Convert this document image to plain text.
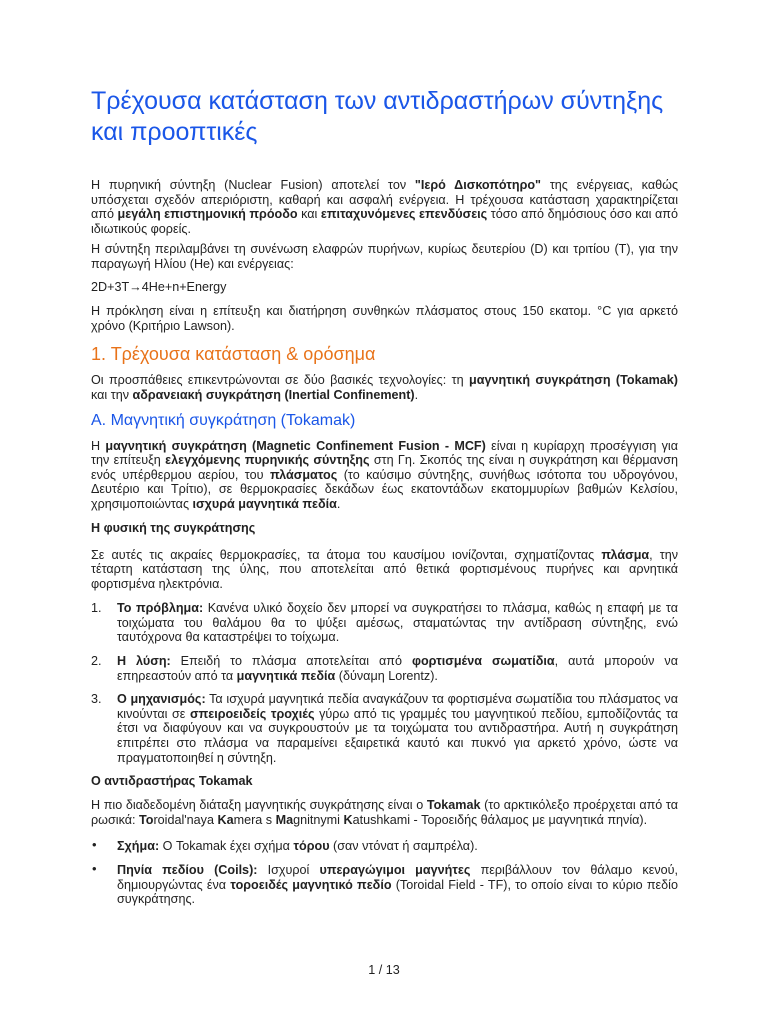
Τρέχουσα κατάσταση των αντιδραστήρων σύντηξης και προοπτικές

Η πυρηνική σύντηξη (Nuclear Fusion) αποτελεί τον "Ιερό Δισκοπότηρο" της ενέργειας, καθώς υπόσχεται σχεδόν απεριόριστη, καθαρή και ασφαλή ενέργεια. Η τρέχουσα κατάσταση χαρακτηρίζεται από μεγάλη επιστημονική πρόοδο και επιταχυνόμενες επενδύσεις τόσο από δημόσιους όσο και από ιδιωτικούς φορείς.

Η σύντηξη περιλαμβάνει τη συνένωση ελαφρών πυρήνων, κυρίως δευτερίου (D) και τριτίου (T), για την παραγωγή Ηλίου (He) και ενέργειας:

2D+3T→4He+n+Energy

Η πρόκληση είναι η επίτευξη και διατήρηση συνθηκών πλάσματος στους 150 εκατομ. °C για αρκετό χρόνο (Κριτήριο Lawson).

1. Τρέχουσα κατάσταση & ορόσημα

Οι προσπάθειες επικεντρώνονται σε δύο βασικές τεχνολογίες: τη μαγνητική συγκράτηση (Tokamak) και την αδρανειακή συγκράτηση (Inertial Confinement).

Α. Μαγνητική συγκράτηση (Tokamak)

Η μαγνητική συγκράτηση (Magnetic Confinement Fusion - MCF) είναι η κυρίαρχη προσέγγιση για την επίτευξη ελεγχόμενης πυρηνικής σύντηξης στη Γη. Σκοπός της είναι η συγκράτηση και θέρμανση ενός υπέρθερμου αερίου, του πλάσματος (το καύσιμο σύντηξης, συνήθως ισότοπα του υδρογόνου, Δευτέριο και Τρίτιο), σε θερμοκρασίες δεκάδων έως εκατοντάδων εκατομμυρίων βαθμών Κελσίου, χρησιμοποιώντας ισχυρά μαγνητικά πεδία.

Η φυσική της συγκράτησης

Σε αυτές τις ακραίες θερμοκρασίες, τα άτομα του καυσίμου ιονίζονται, σχηματίζοντας πλάσμα, την τέταρτη κατάσταση της ύλης, που αποτελείται από θετικά φορτισμένους πυρήνες και αρνητικά φορτισμένα ηλεκτρόνια.

1. Το πρόβλημα: Κανένα υλικό δοχείο δεν μπορεί να συγκρατήσει το πλάσμα, καθώς η επαφή με τα τοιχώματα του θαλάμου θα το ψύξει αμέσως, σταματώντας την αντίδραση σύντηξης, ενώ ταυτόχρονα θα καταστρέψει το τοίχωμα.
2. Η λύση: Επειδή το πλάσμα αποτελείται από φορτισμένα σωματίδια, αυτά μπορούν να επηρεαστούν από τα μαγνητικά πεδία (δύναμη Lorentz).
3. Ο μηχανισμός: Τα ισχυρά μαγνητικά πεδία αναγκάζουν τα φορτισμένα σωματίδια του πλάσματος να κινούνται σε σπειροειδείς τροχιές γύρω από τις γραμμές του μαγνητικού πεδίου, εμποδίζοντάς τα έτσι να διαφύγουν και να συγκρουστούν με τα τοιχώματα του αντιδραστήρα. Αυτή η συγκράτηση επιτρέπει στο πλάσμα να παραμείνει εξαιρετικά καυτό και πυκνό για αρκετό χρόνο, ώστε να πραγματοποιηθεί η σύντηξη.
Ο αντιδραστήρας Tokamak

Η πιο διαδεδομένη διάταξη μαγνητικής συγκράτησης είναι ο Tokamak (το αρκτικόλεξο προέρχεται από τα ρωσικά: Toroidal'naya Kamera s Magnitnymi Katushkami - Τοροειδής θάλαμος με μαγνητικά πηνία).

• Σχήμα: Ο Tokamak έχει σχήμα τόρου (σαν ντόνατ ή σαμπρέλα).
• Πηνία πεδίου (Coils): Ισχυροί υπεραγώγιμοι μαγνήτες περιβάλλουν τον θάλαμο κενού, δημιουργώντας ένα τοροειδές μαγνητικό πεδίο (Toroidal Field - TF), το οποίο είναι το κύριο πεδίο συγκράτησης.
1 / 13
